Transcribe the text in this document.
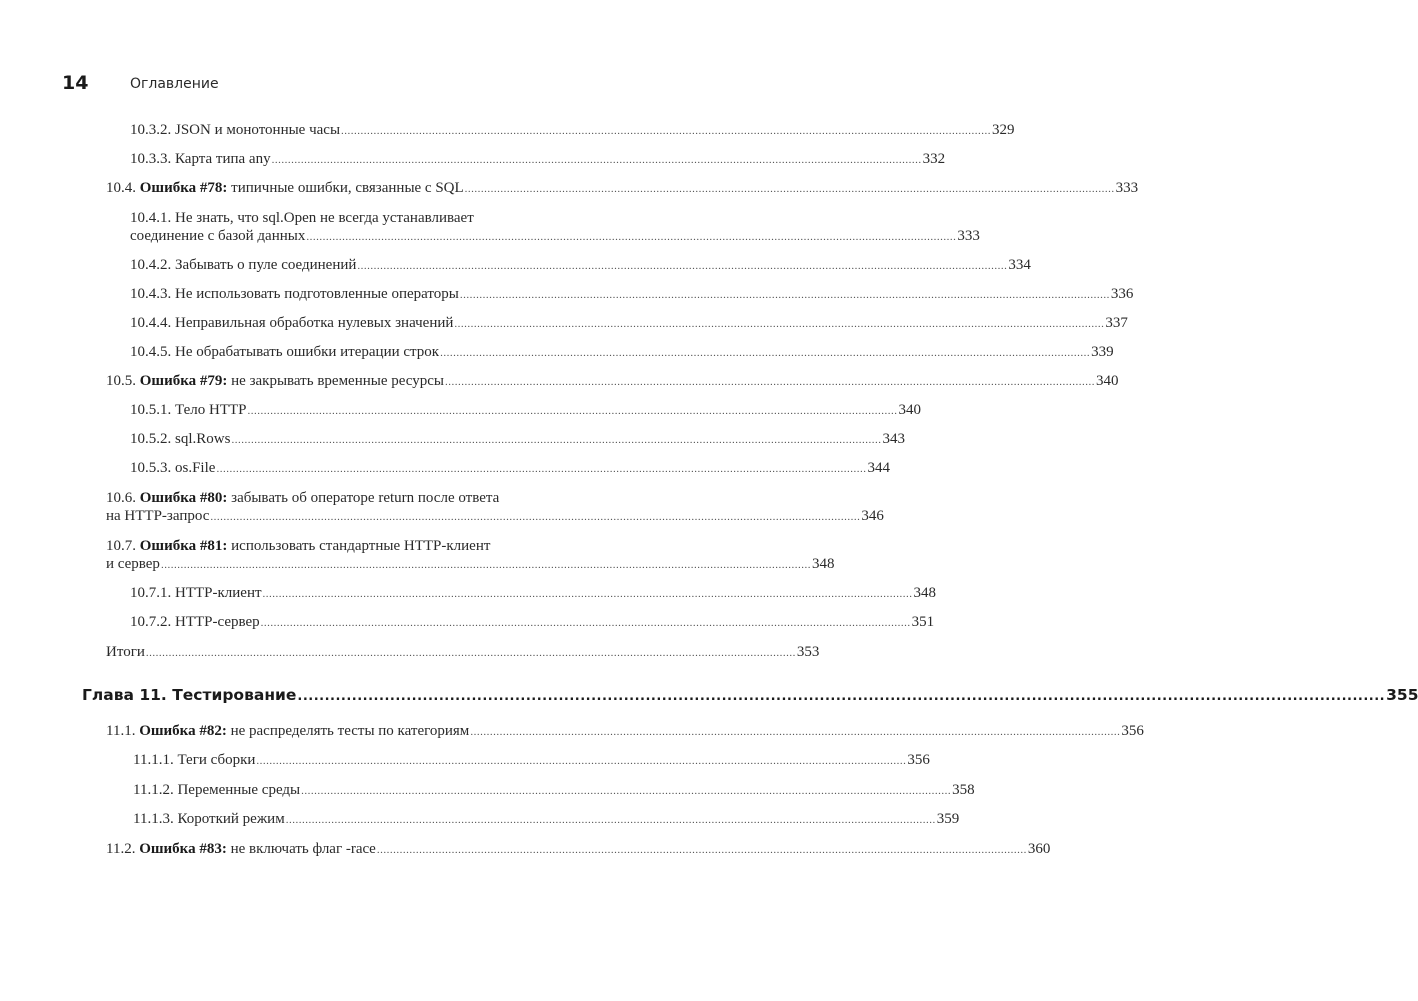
14	Оглавление
10.3.2. JSON и монотонные часы ........................................................................................................................................................................................................ 329
10.3.3. Карта типа any ........................................................................................................................................................................................................ 332
10.4. Ошибка #78: типичные ошибки, связанные с SQL ........................................................................................................................................................................................................ 333
10.4.1. Не знать, что sql.Open не всегда устанавливает
соединение с базой данных ........................................................................................................................................................................................................ 333
10.4.2. Забывать о пуле соединений ........................................................................................................................................................................................................ 334
10.4.3. Не использовать подготовленные операторы ........................................................................................................................................................................................................ 336
10.4.4. Неправильная обработка нулевых значений ........................................................................................................................................................................................................ 337
10.4.5. Не обрабатывать ошибки итерации строк ........................................................................................................................................................................................................ 339
10.5. Ошибка #79: не закрывать временные ресурсы ........................................................................................................................................................................................................ 340
10.5.1. Тело HTTP ........................................................................................................................................................................................................ 340
10.5.2. sql.Rows ........................................................................................................................................................................................................ 343
10.5.3. os.File ........................................................................................................................................................................................................ 344
10.6. Ошибка #80: забывать об операторе return после ответа
на HTTP-запрос ........................................................................................................................................................................................................ 346
10.7. Ошибка #81: использовать стандартные HTTP-клиент
и сервер ........................................................................................................................................................................................................ 348
10.7.1. HTTP-клиент ........................................................................................................................................................................................................ 348
10.7.2. HTTP-сервер ........................................................................................................................................................................................................ 351
Итоги ........................................................................................................................................................................................................ 353
Глава 11. Тестирование ........................................................................................................................................................................................................ 355
11.1. Ошибка #82: не распределять тесты по категориям ........................................................................................................................................................................................................ 356
11.1.1. Теги сборки ........................................................................................................................................................................................................ 356
11.1.2. Переменные среды ........................................................................................................................................................................................................ 358
11.1.3. Короткий режим ........................................................................................................................................................................................................ 359
11.2. Ошибка #83: не включать флаг -race ........................................................................................................................................................................................................ 360
